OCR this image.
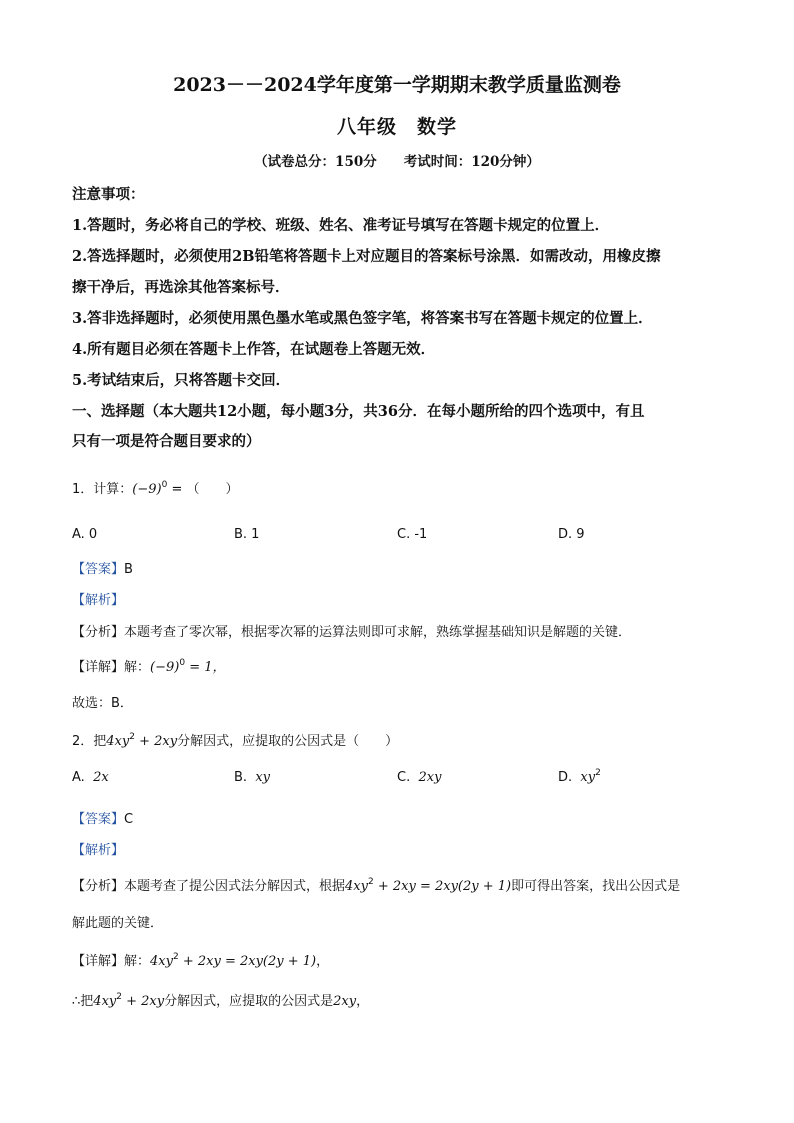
2023－－2024学年度第一学期期末教学质量监测卷
八年级　数学
（试卷总分：150分　　考试时间：120分钟）
注意事项：
1.答题时，务必将自己的学校、班级、姓名、准考证号填写在答题卡规定的位置上．
2.答选择题时，必须使用2B铅笔将答题卡上对应题目的答案标号涂黑．如需改动，用橡皮擦
擦干净后，再选涂其他答案标号．
3.答非选择题时，必须使用黑色墨水笔或黑色签字笔，将答案书写在答题卡规定的位置上．
4.所有题目必须在答题卡上作答，在试题卷上答题无效．
5.考试结束后，只将答题卡交回．
一、选择题（本大题共12小题，每小题3分，共36分．在每小题所给的四个选项中，有且
只有一项是符合题目要求的）
1．计算：$(-9)^0$ = （　　）
A. 0	B. 1	C. -1	D. 9
【答案】B
【解析】
【分析】本题考查了零次幂，根据零次幂的运算法则即可求解，熟练掌握基础知识是解题的关键．
【详解】解：$(-9)^0 = 1$，
故选：B．
2．把$4xy^2 + 2xy$分解因式，应提取的公因式是（　　）
A. 2x	B. xy	C. 2xy	D. $xy^2$
【答案】C
【解析】
【分析】本题考查了提公因式法分解因式，根据$4xy^2 + 2xy = 2xy(2y + 1)$即可得出答案，找出公因式是
解此题的关键．
【详解】解：$4xy^2 + 2xy = 2xy(2y + 1)$，
∴把$4xy^2 + 2xy$分解因式，应提取的公因式是2xy，
